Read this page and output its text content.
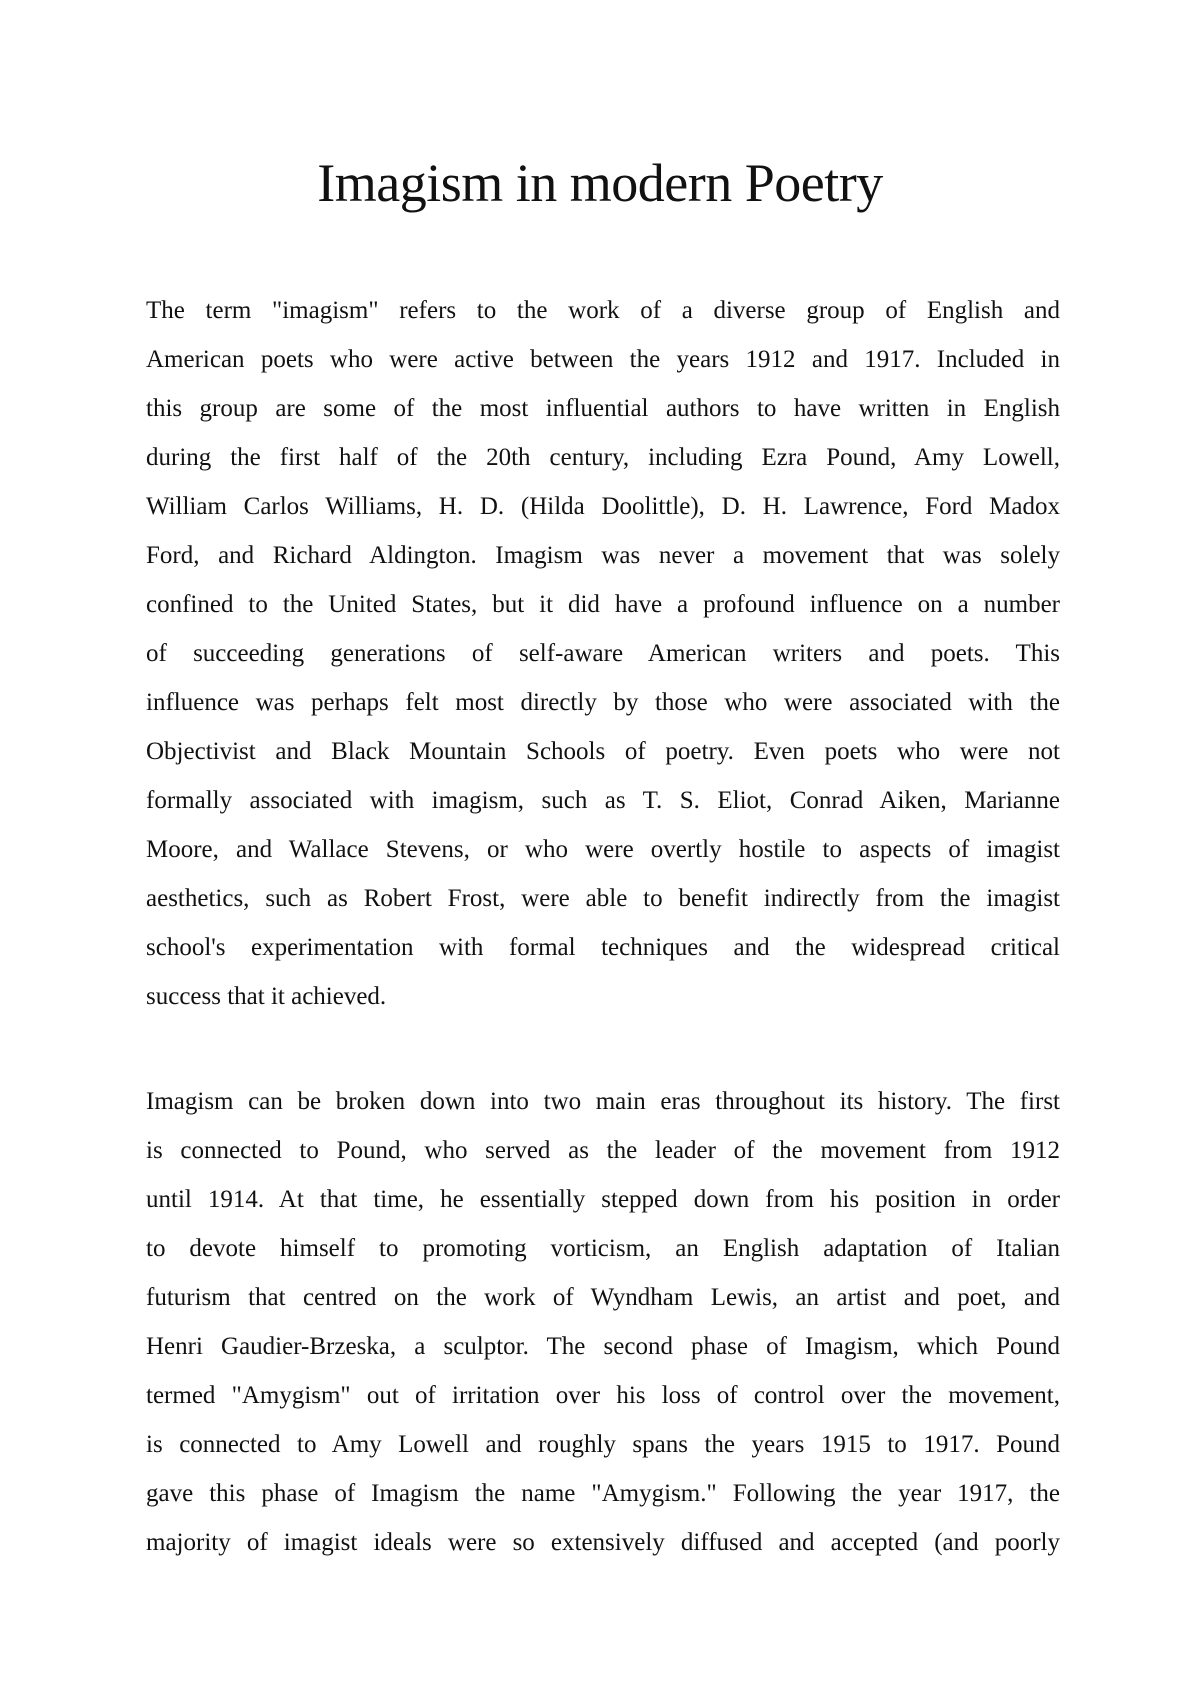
Imagism in modern Poetry
The term "imagism" refers to the work of a diverse group of English and
American poets who were active between the years 1912 and 1917. Included in
this group are some of the most influential authors to have written in English
during the first half of the 20th century, including Ezra Pound, Amy Lowell,
William Carlos Williams, H. D. (Hilda Doolittle), D. H. Lawrence, Ford Madox
Ford, and Richard Aldington. Imagism was never a movement that was solely
confined to the United States, but it did have a profound influence on a number
of succeeding generations of self-aware American writers and poets. This
influence was perhaps felt most directly by those who were associated with the
Objectivist and Black Mountain Schools of poetry. Even poets who were not
formally associated with imagism, such as T. S. Eliot, Conrad Aiken, Marianne
Moore, and Wallace Stevens, or who were overtly hostile to aspects of imagist
aesthetics, such as Robert Frost, were able to benefit indirectly from the imagist
school's experimentation with formal techniques and the widespread critical
success that it achieved.
Imagism can be broken down into two main eras throughout its history. The first
is connected to Pound, who served as the leader of the movement from 1912
until 1914. At that time, he essentially stepped down from his position in order
to devote himself to promoting vorticism, an English adaptation of Italian
futurism that centred on the work of Wyndham Lewis, an artist and poet, and
Henri Gaudier-Brzeska, a sculptor. The second phase of Imagism, which Pound
termed "Amygism" out of irritation over his loss of control over the movement,
is connected to Amy Lowell and roughly spans the years 1915 to 1917. Pound
gave this phase of Imagism the name "Amygism." Following the year 1917, the
majority of imagist ideals were so extensively diffused and accepted (and poorly
